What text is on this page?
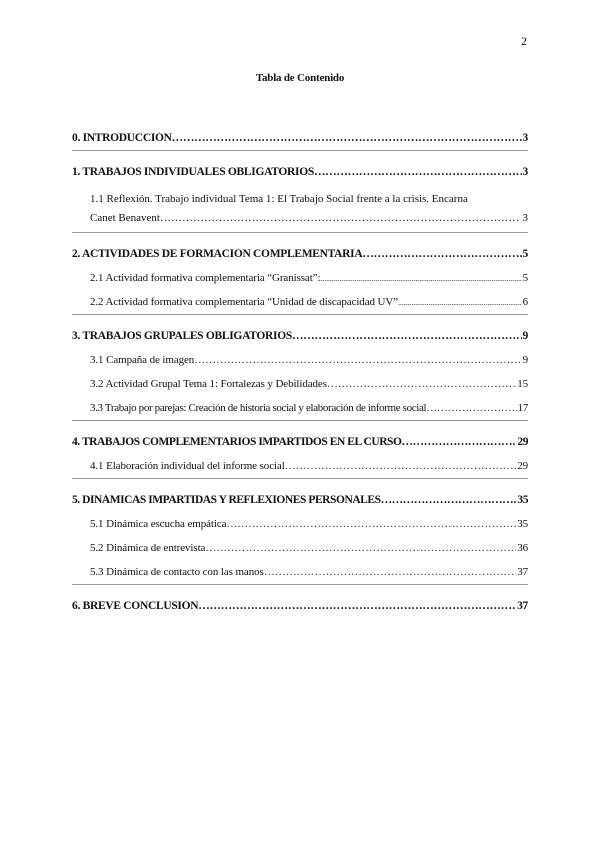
2
Tabla de Contenido
0. INTRODUCCIÓN …………………………………………………………………………………………………………………………………………………………………………………………………………	3
1. TRABAJOS INDIVIDUALES OBLIGATORIOS …………………………………………………………………………………………………………………………………………………………………………………………………………	3
1.1 Reflexión. Trabajo individual Tema 1: El Trabajo Social frente a la crisis. Encarna
Canet Benavent …………………………………………………………………………………………………………………………………………………………………………………………………………	3
2. ACTIVIDADES DE FORMACIÓN COMPLEMENTARIA …………………………………………………………………………………………………………………………………………………………………………………………………………	5
2.1 Actividad formativa complementaria “Granissat”: .....	5
2.2 Actividad formativa complementaria “Unidad de discapacidad UV” .....	6
3. TRABAJOS GRUPALES OBLIGATORIOS …………………………………………………………………………………………………………………………………………………………………………………………………………	9
3.1 Campaña de imagen …………………………………………………………………………………………………………………………………………………………………………………………………………	9
3.2 Actividad Grupal Tema 1: Fortalezas y Debilidades …………………………………………………………………………………………………………………………………………………………………………………………………………	15
3.3 Trabajo por parejas: Creación de historia social y elaboración de informe social …………………………………………………………………………………………………………………………………………………………………………………………………………	17
4. TRABAJOS COMPLEMENTARIOS IMPARTIDOS EN EL CURSO …………………………………………………………………………………………………………………………………………………………………………………………………………	29
4.1 Elaboración individual del informe social …………………………………………………………………………………………………………………………………………………………………………………………………………	29
5. DINÁMICAS IMPARTIDAS Y REFLEXIONES PERSONALES …………………………………………………………………………………………………………………………………………………………………………………………………………	35
5.1 Dinámica escucha empática …………………………………………………………………………………………………………………………………………………………………………………………………………	35
5.2 Dinámica de entrevista …………………………………………………………………………………………………………………………………………………………………………………………………………	36
5.3 Dinámica de contacto con las manos …………………………………………………………………………………………………………………………………………………………………………………………………………	37
6. BREVE CONCLUSIÓN …………………………………………………………………………………………………………………………………………………………………………………………………………	37
